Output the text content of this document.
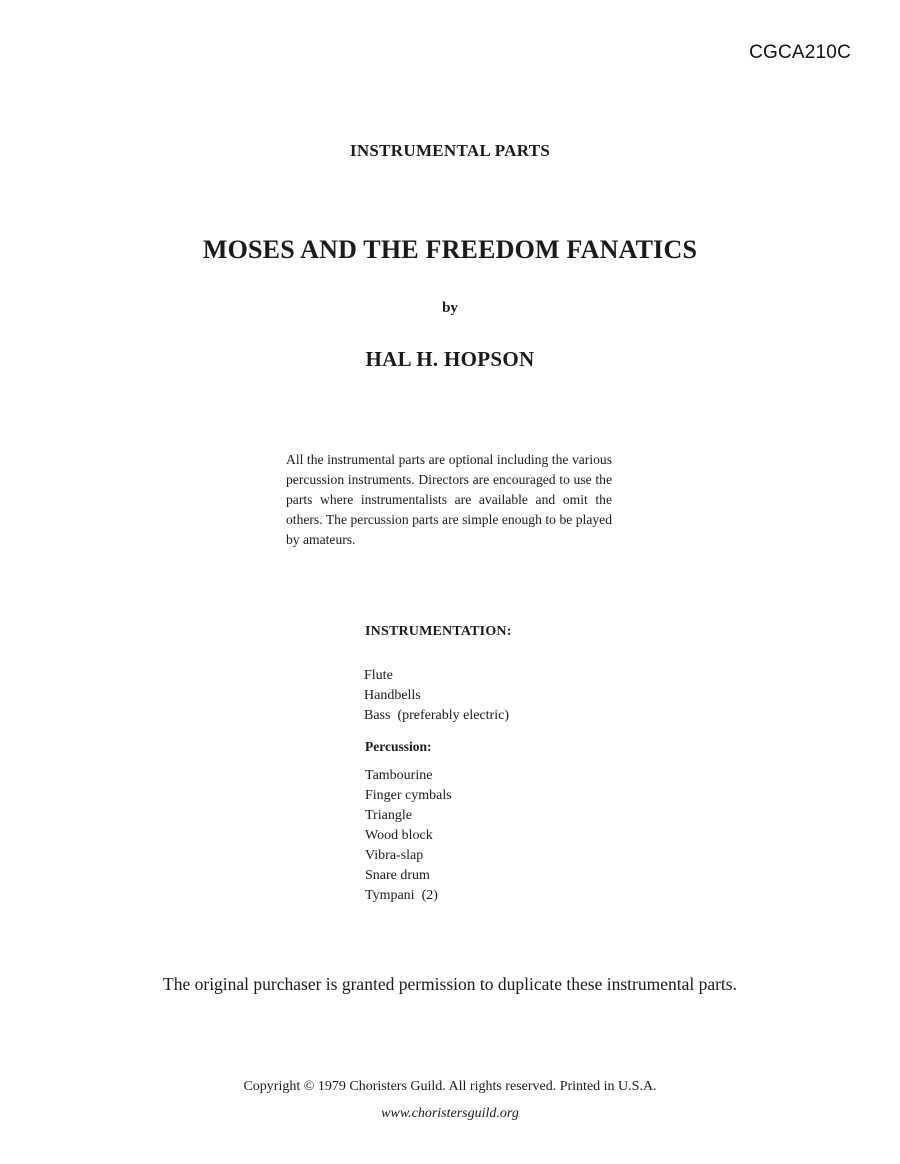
CGCA210C
INSTRUMENTAL PARTS
MOSES AND THE FREEDOM FANATICS
by
HAL H. HOPSON

All the instrumental parts are optional including the various percussion instruments. Directors are encouraged to use the parts where instrumentalists are available and omit the others. The percussion parts are simple enough to be played by amateurs.

INSTRUMENTATION:
Flute
Handbells
Bass  (preferably electric)
Percussion:
Tambourine
Finger cymbals
Triangle
Wood block
Vibra-slap
Snare drum
Tympani  (2)

The original purchaser is granted permission to duplicate these instrumental parts.

Copyright © 1979 Choristers Guild. All rights reserved. Printed in U.S.A.
www.choristersguild.org
